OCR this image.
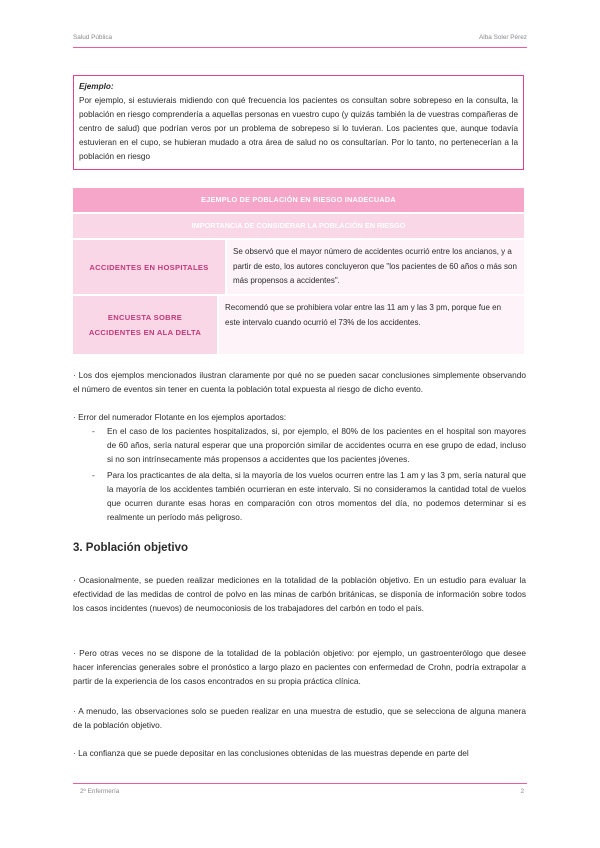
Salud Pública	Alba Soler Pérez
Ejemplo:
Por ejemplo, si estuvierais midiendo con qué frecuencia los pacientes os consultan sobre sobrepeso en la consulta, la población en riesgo comprendería a aquellas personas en vuestro cupo (y quizás también la de vuestras compañeras de centro de salud) que podrían veros por un problema de sobrepeso si lo tuvieran. Los pacientes que, aunque todavía estuvieran en el cupo, se hubieran mudado a otra área de salud no os consultarían. Por lo tanto, no pertenecerían a la población en riesgo
EJEMPLO DE POBLACIÓN EN RIESGO INADECUADA
IMPORTANCIA DE CONSIDERAR LA POBLACIÓN EN RIESGO
ACCIDENTES EN HOSPITALES
Se observó que el mayor número de accidentes ocurrió entre los ancianos, y a partir de esto, los autores concluyeron que "los pacientes de 60 años o más son más propensos a accidentes".
ENCUESTA SOBRE ACCIDENTES EN ALA DELTA
Recomendó que se prohibiera volar entre las 11 am y las 3 pm, porque fue en este intervalo cuando ocurrió el 73% de los accidentes.

· Los dos ejemplos mencionados ilustran claramente por qué no se pueden sacar conclusiones simplemente observando el número de eventos sin tener en cuenta la población total expuesta al riesgo de dicho evento.

· Error del numerador Flotante en los ejemplos aportados:

- En el caso de los pacientes hospitalizados, si, por ejemplo, el 80% de los pacientes en el hospital son mayores de 60 años, sería natural esperar que una proporción similar de accidentes ocurra en ese grupo de edad, incluso si no son intrínsecamente más propensos a accidentes que los pacientes jóvenes.
- Para los practicantes de ala delta, si la mayoría de los vuelos ocurren entre las 1 am y las 3 pm, sería natural que la mayoría de los accidentes también ocurrieran en este intervalo. Si no consideramos la cantidad total de vuelos que ocurren durante esas horas en comparación con otros momentos del día, no podemos determinar si es realmente un período más peligroso.
3. Población objetivo

· Ocasionalmente, se pueden realizar mediciones en la totalidad de la población objetivo. En un estudio para evaluar la efectividad de las medidas de control de polvo en las minas de carbón británicas, se disponía de información sobre todos los casos incidentes (nuevos) de neumoconiosis de los trabajadores del carbón en todo el país.

· Pero otras veces no se dispone de la totalidad de la población objetivo: por ejemplo, un gastroenterólogo que desee hacer inferencias generales sobre el pronóstico a largo plazo en pacientes con enfermedad de Crohn, podría extrapolar a partir de la experiencia de los casos encontrados en su propia práctica clínica.

· A menudo, las observaciones solo se pueden realizar en una muestra de estudio, que se selecciona de alguna manera de la población objetivo.

· La confianza que se puede depositar en las conclusiones obtenidas de las muestras depende en parte del

2º Enfermería	2
